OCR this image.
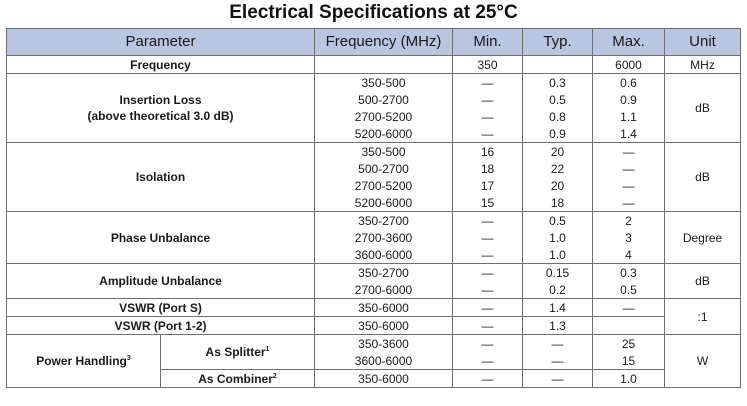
Electrical Specifications at 25°C
Parameter		Frequency (MHz)	Min.	Typ.	Max.	Unit
Frequency			350		6000	MHz

Insertion Loss
(above theoretical 3.0 dB)		350-500	—	0.3	0.6	dB
		500-2700	—	0.5	0.9	
		2700-5200	—	0.8	1.1	
		5200-6000	—	0.9	1.4	
Isolation		350-500	16	20	—	dB
		500-2700	18	22	—	
		2700-5200	17	20	—	
		5200-6000	15	18	—	
Phase Unbalance		350-2700	—	0.5	2	Degree
		2700-3600	—	1.0	3	
		3600-6000	—	1.0	4	
Amplitude Unbalance		350-2700	—	0.15	0.3	dB
		2700-6000	—	0.2	0.5	
VSWR (Port S)		350-6000	—	1.4	—	:1
VSWR (Port 1-2)		350-6000	—	1.3		
Power Handling$^3$	As Splitter$^1$	350-3600	—	—	25	W
		3600-6000	—	—	15	
	As Combiner$^2$	350-6000	—	—	1.0	
